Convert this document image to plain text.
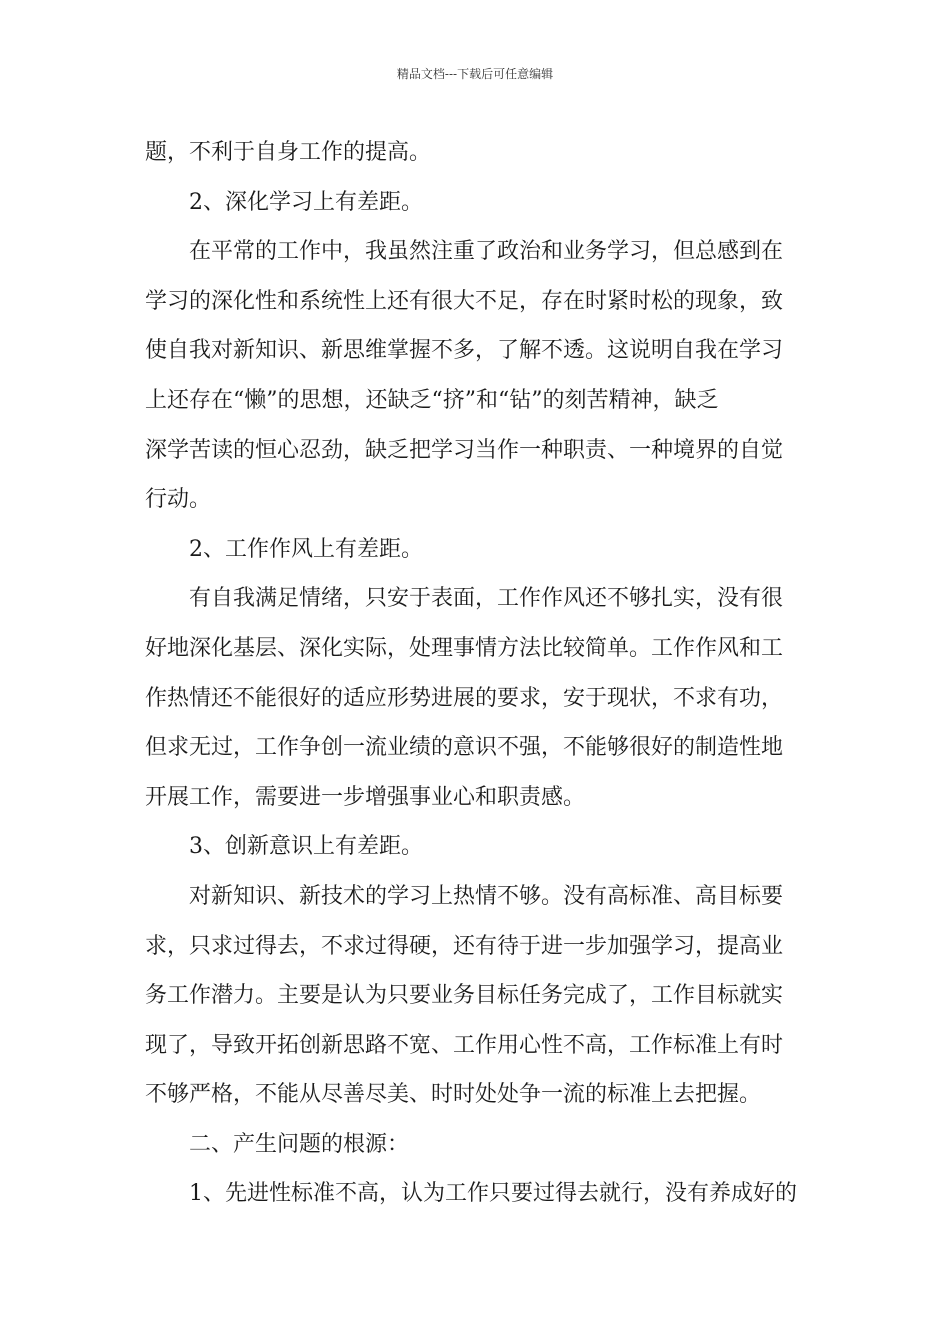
精品文档---下载后可任意编辑
题，不利于自身工作的提高。
2、深化学习上有差距。
在平常的工作中，我虽然注重了政治和业务学习，但总感到在
学习的深化性和系统性上还有很大不足，存在时紧时松的现象，致
使自我对新知识、新思维掌握不多，了解不透。这说明自我在学习
上还存在“懒”的思想，还缺乏“挤”和“钻”的刻苦精神，缺乏
深学苦读的恒心忍劲，缺乏把学习当作一种职责、一种境界的自觉
行动。
2、工作作风上有差距。
有自我满足情绪，只安于表面，工作作风还不够扎实，没有很
好地深化基层、深化实际，处理事情方法比较简单。工作作风和工
作热情还不能很好的适应形势进展的要求，安于现状，不求有功，
但求无过，工作争创一流业绩的意识不强，不能够很好的制造性地
开展工作，需要进一步增强事业心和职责感。
3、创新意识上有差距。
对新知识、新技术的学习上热情不够。没有高标准、高目标要
求，只求过得去，不求过得硬，还有待于进一步加强学习，提高业
务工作潜力。主要是认为只要业务目标任务完成了，工作目标就实
现了，导致开拓创新思路不宽、工作用心性不高，工作标准上有时
不够严格，不能从尽善尽美、时时处处争一流的标准上去把握。
二、产生问题的根源：
1、先进性标准不高，认为工作只要过得去就行，没有养成好的
